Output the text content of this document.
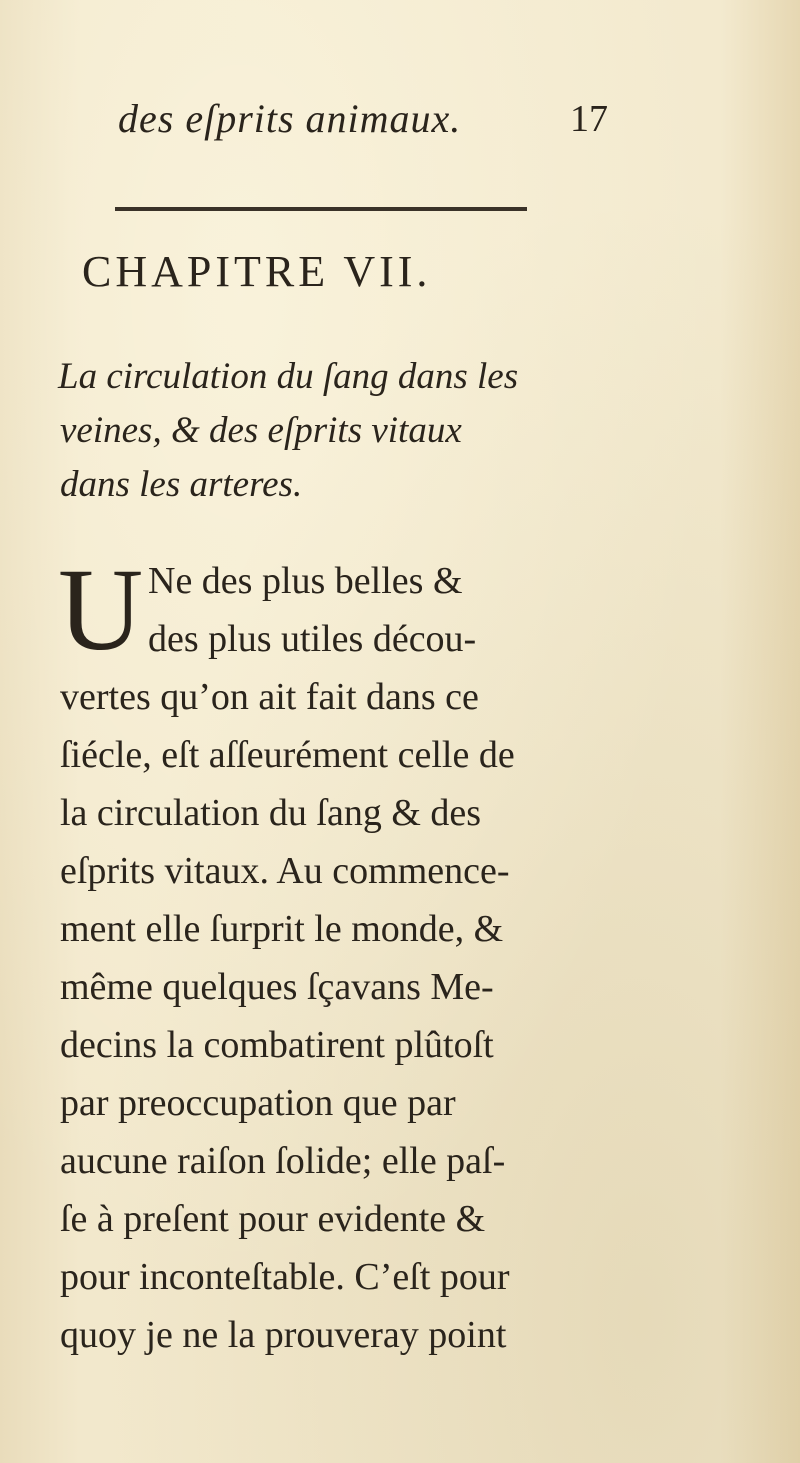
des eſprits animaux.	17
CHAPITRE VII.
La circulation du ſang dans les
veines, & des eſprits vitaux
dans les arteres.
U Ne des plus belles &
des plus utiles décou-
vertes qu’on ait fait dans ce
ſiécle, eſt aſſeurément celle de
la circulation du ſang & des
eſprits vitaux. Au commence-
ment elle ſurprit le monde, &
même quelques ſçavans Me-
decins la combatirent plûtoſt
par preoccupation que par
aucune raiſon ſolide; elle paſ-
ſe à preſent pour evidente &
pour inconteſtable. C’eſt pour
quoy je ne la prouveray point
